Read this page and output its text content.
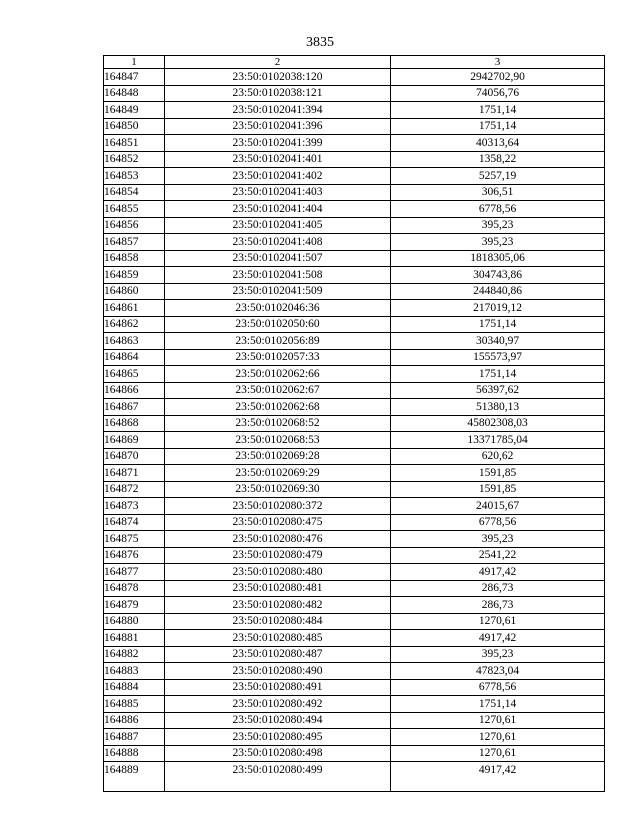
3835
1	2	3
164847	23:50:0102038:120	2942702,90
164848	23:50:0102038:121	74056,76
164849	23:50:0102041:394	1751,14
164850	23:50:0102041:396	1751,14
164851	23:50:0102041:399	40313,64
164852	23:50:0102041:401	1358,22
164853	23:50:0102041:402	5257,19
164854	23:50:0102041:403	306,51
164855	23:50:0102041:404	6778,56
164856	23:50:0102041:405	395,23
164857	23:50:0102041:408	395,23
164858	23:50:0102041:507	1818305,06
164859	23:50:0102041:508	304743,86
164860	23:50:0102041:509	244840,86
164861	23:50:0102046:36	217019,12
164862	23:50:0102050:60	1751,14
164863	23:50:0102056:89	30340,97
164864	23:50:0102057:33	155573,97
164865	23:50:0102062:66	1751,14
164866	23:50:0102062:67	56397,62
164867	23:50:0102062:68	51380,13
164868	23:50:0102068:52	45802308,03
164869	23:50:0102068:53	13371785,04
164870	23:50:0102069:28	620,62
164871	23:50:0102069:29	1591,85
164872	23:50:0102069:30	1591,85
164873	23:50:0102080:372	24015,67
164874	23:50:0102080:475	6778,56
164875	23:50:0102080:476	395,23
164876	23:50:0102080:479	2541,22
164877	23:50:0102080:480	4917,42
164878	23:50:0102080:481	286,73
164879	23:50:0102080:482	286,73
164880	23:50:0102080:484	1270,61
164881	23:50:0102080:485	4917,42
164882	23:50:0102080:487	395,23
164883	23:50:0102080:490	47823,04
164884	23:50:0102080:491	6778,56
164885	23:50:0102080:492	1751,14
164886	23:50:0102080:494	1270,61
164887	23:50:0102080:495	1270,61
164888	23:50:0102080:498	1270,61
164889	23:50:0102080:499	4917,42
